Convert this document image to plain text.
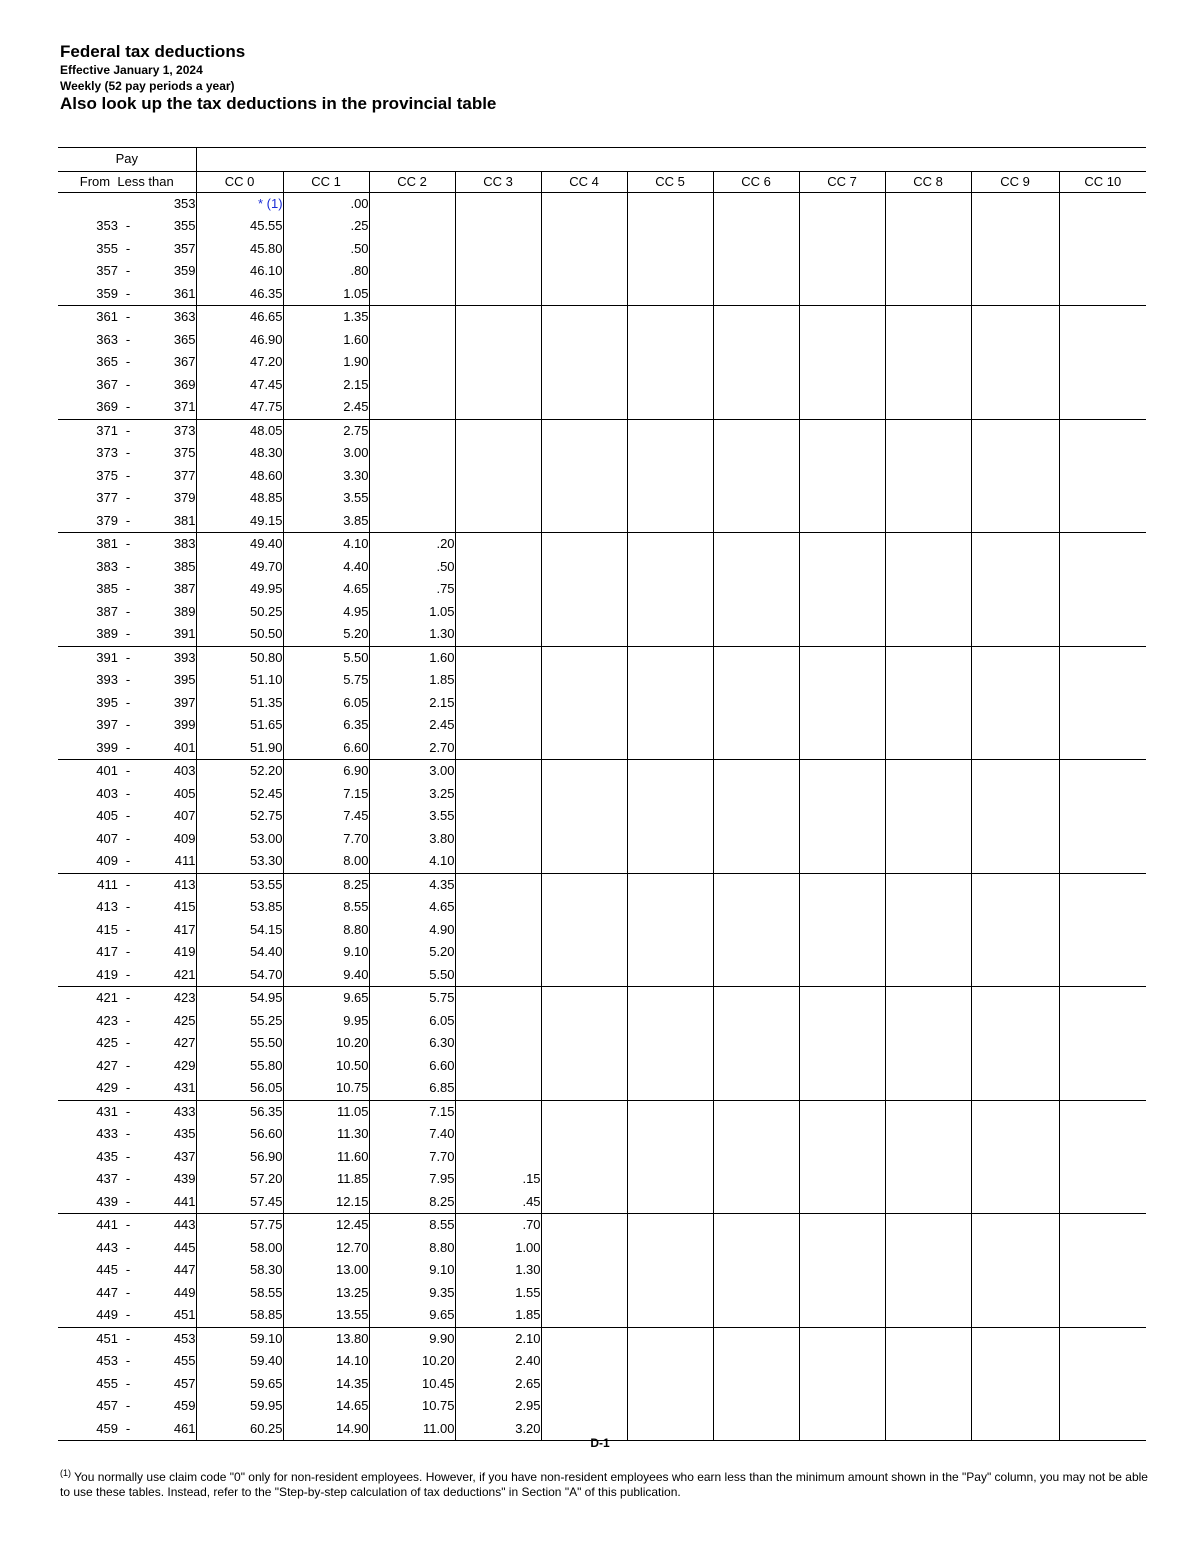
Federal tax deductions
Effective January 1, 2024
Weekly (52 pay periods a year)
Also look up the tax deductions in the provincial table
Pay													
From Less than			CC 0	CC 1	CC 2	CC 3	CC 4	CC 5	CC 6	CC 7	CC 8	CC 9	CC 10
		353	* (1)	.00									
353	-	355	45.55	.25									
355	-	357	45.80	.50									
357	-	359	46.10	.80									
359	-	361	46.35	1.05									
361	-	363	46.65	1.35									
363	-	365	46.90	1.60									
365	-	367	47.20	1.90									
367	-	369	47.45	2.15									
369	-	371	47.75	2.45									
371	-	373	48.05	2.75									
373	-	375	48.30	3.00									
375	-	377	48.60	3.30									
377	-	379	48.85	3.55									
379	-	381	49.15	3.85									
381	-	383	49.40	4.10	.20								
383	-	385	49.70	4.40	.50								
385	-	387	49.95	4.65	.75								
387	-	389	50.25	4.95	1.05								
389	-	391	50.50	5.20	1.30								
391	-	393	50.80	5.50	1.60								
393	-	395	51.10	5.75	1.85								
395	-	397	51.35	6.05	2.15								
397	-	399	51.65	6.35	2.45								
399	-	401	51.90	6.60	2.70								
401	-	403	52.20	6.90	3.00								
403	-	405	52.45	7.15	3.25								
405	-	407	52.75	7.45	3.55								
407	-	409	53.00	7.70	3.80								
409	-	411	53.30	8.00	4.10								
411	-	413	53.55	8.25	4.35								
413	-	415	53.85	8.55	4.65								
415	-	417	54.15	8.80	4.90								
417	-	419	54.40	9.10	5.20								
419	-	421	54.70	9.40	5.50								
421	-	423	54.95	9.65	5.75								
423	-	425	55.25	9.95	6.05								
425	-	427	55.50	10.20	6.30								
427	-	429	55.80	10.50	6.60								
429	-	431	56.05	10.75	6.85								
431	-	433	56.35	11.05	7.15								
433	-	435	56.60	11.30	7.40								
435	-	437	56.90	11.60	7.70								
437	-	439	57.20	11.85	7.95	.15							
439	-	441	57.45	12.15	8.25	.45							
441	-	443	57.75	12.45	8.55	.70							
443	-	445	58.00	12.70	8.80	1.00							
445	-	447	58.30	13.00	9.10	1.30							
447	-	449	58.55	13.25	9.35	1.55							
449	-	451	58.85	13.55	9.65	1.85							
451	-	453	59.10	13.80	9.90	2.10							
453	-	455	59.40	14.10	10.20	2.40							
455	-	457	59.65	14.35	10.45	2.65							
457	-	459	59.95	14.65	10.75	2.95							
459	-	461	60.25	14.90	11.00	3.20							
D-1
$^{(1)}$ You normally use claim code "0" only for non-resident employees. However, if you have non-resident employees who earn less than the minimum amount shown in the "Pay" column, you may not be able to use these tables. Instead, refer to the "Step-by-step calculation of tax deductions" in Section "A" of this publication.
